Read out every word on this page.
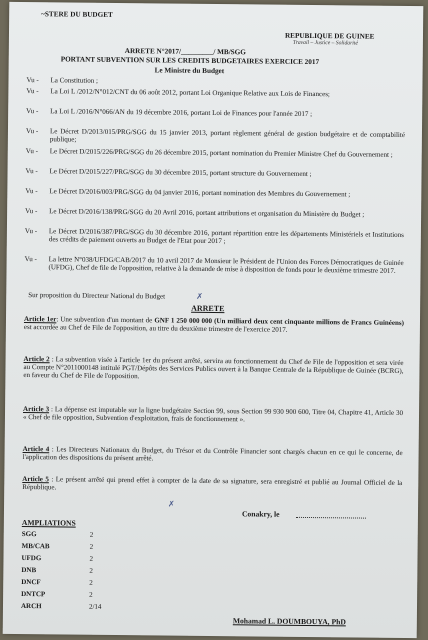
~STERE DU BUDGET
REPUBLIQUE DE GUINEE
Travail – Justice – Solidarité
ARRETE N°2017/_________/ MB/SGG
PORTANT SUBVENTION SUR LES CREDITS BUDGETAIRES EXERCICE 2017
Le Ministre du Budget
Vu -	La Constitution ;
Vu -	La Loi L /2012/N°012/CNT du 06 août 2012, portant Loi Organique Relative aux Lois de Finances;
Vu -	La Loi L /2016/N°066/AN du 19 décembre 2016, portant Loi de Finances pour l'année 2017 ;
Vu -	Le Décret D/2013/015/PRG/SGG du 15 janvier 2013, portant règlement général de gestion budgétaire et de comptabilité publique;
Vu -	Le Décret D/2015/226/PRG/SGG du 26 décembre 2015, portant nomination du Premier Ministre Chef du Gouvernement ;
Vu -	Le Décret D/2015/227/PRG/SGG du 30 décembre 2015, portant structure du Gouvernement ;
Vu -	Le Décret D/2016/003/PRG/SGG du 04 janvier 2016, portant nomination des Membres du Gouvernement ;
Vu -	Le Décret D/2016/138/PRG/SGG du 20 Avril 2016, portant attributions et organisation du Ministère du Budget ;
Vu -	Le Décret D/2016/387/PRG/SGG du 30 décembre 2016, portant répartition entre les départements Ministériels et Institutions des crédits de paiement ouverts au Budget de l'Etat pour 2017 ;
Vu -	La lettre N°038/UFDG/CAB/2017 du 10 avril 2017 de Monsieur le Président de l'Union des Forces Démocratiques de Guinée (UFDG), Chef de file de l'opposition, relative à la demande de mise à disposition de fonds pour le deuxième trimestre 2017.
Sur proposition du Directeur National du Budget	✗
ARRETE
Article 1er: Une subvention d'un montant de GNF 1 250 000 000 (Un milliard deux cent cinquante millions de Francs Guinéens) est accordée au Chef de File de l'opposition, au titre du deuxième trimestre de l'exercice 2017.
Article 2 : La subvention visée à l'article 1er du présent arrêté, servira au fonctionnement du Chef de File de l'opposition et sera virée au Compte N°2011000148 intitulé PGT/Dépôts des Services Publics ouvert à la Banque Centrale de la République de Guinée (BCRG), en faveur du Chef de File de l'opposition.
Article 3 : La dépense est imputable sur la ligne budgétaire Section 99, sous Section 99 930 900 600, Titre 04, Chapitre 41, Article 30 « Chef de file opposition, Subvention d'exploitation, frais de fonctionnement ».
Article 4 : Les Directeurs Nationaux du Budget, du Trésor et du Contrôle Financier sont chargés chacun en ce qui le concerne, de l'application des dispositions du présent arrêté.
Article 5 : Le présent arrêté qui prend effet à compter de la date de sa signature, sera enregistré et publié au Journal Officiel de la République.
✗
Conakry, le
AMPLIATIONS
SGG	2
MB/CAB	2
UFDG	2
DNB	2
DNCF	2
DNTCP	2
ARCH	2/14
Mohamad L. DOUMBOUYA, PhD
